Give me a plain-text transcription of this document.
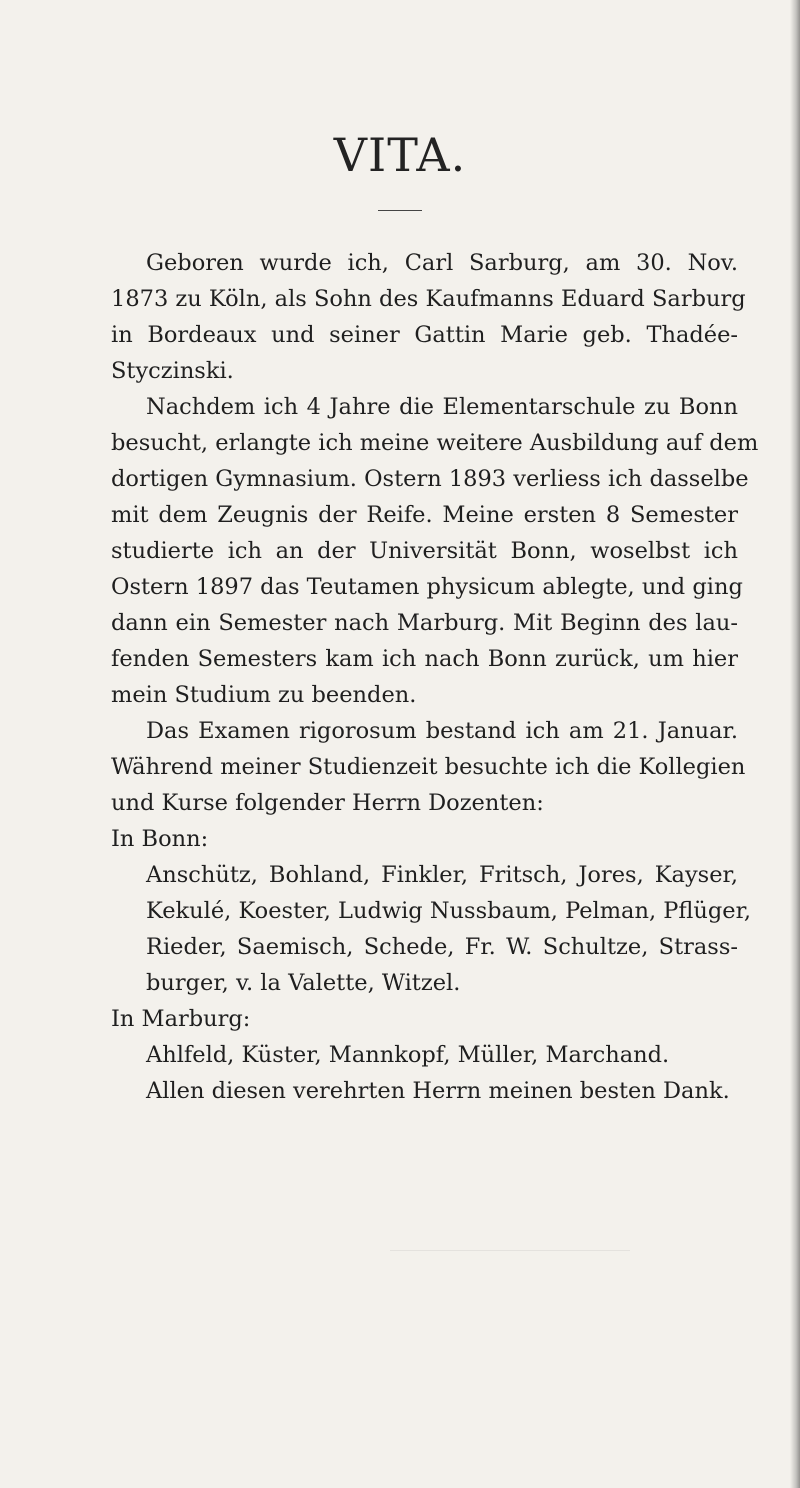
VITA.
Geboren wurde ich, Carl Sarburg, am 30. Nov.
1873 zu Köln, als Sohn des Kaufmanns Eduard Sarburg
in Bordeaux und seiner Gattin Marie geb. Thadée-
Styczinski.
Nachdem ich 4 Jahre die Elementarschule zu Bonn
besucht, erlangte ich meine weitere Ausbildung auf dem
dortigen Gymnasium. Ostern 1893 verliess ich dasselbe
mit dem Zeugnis der Reife. Meine ersten 8 Semester
studierte ich an der Universität Bonn, woselbst ich
Ostern 1897 das Teutamen physicum ablegte, und ging
dann ein Semester nach Marburg. Mit Beginn des lau-
fenden Semesters kam ich nach Bonn zurück, um hier
mein Studium zu beenden.
Das Examen rigorosum bestand ich am 21. Januar.
Während meiner Studienzeit besuchte ich die Kollegien
und Kurse folgender Herrn Dozenten:
In Bonn:
Anschütz, Bohland, Finkler, Fritsch, Jores, Kayser,
Kekulé, Koester, Ludwig Nussbaum, Pelman, Pflüger,
Rieder, Saemisch, Schede, Fr. W. Schultze, Strass-
burger, v. la Valette, Witzel.
In Marburg:
Ahlfeld, Küster, Mannkopf, Müller, Marchand.
Allen diesen verehrten Herrn meinen besten Dank.
